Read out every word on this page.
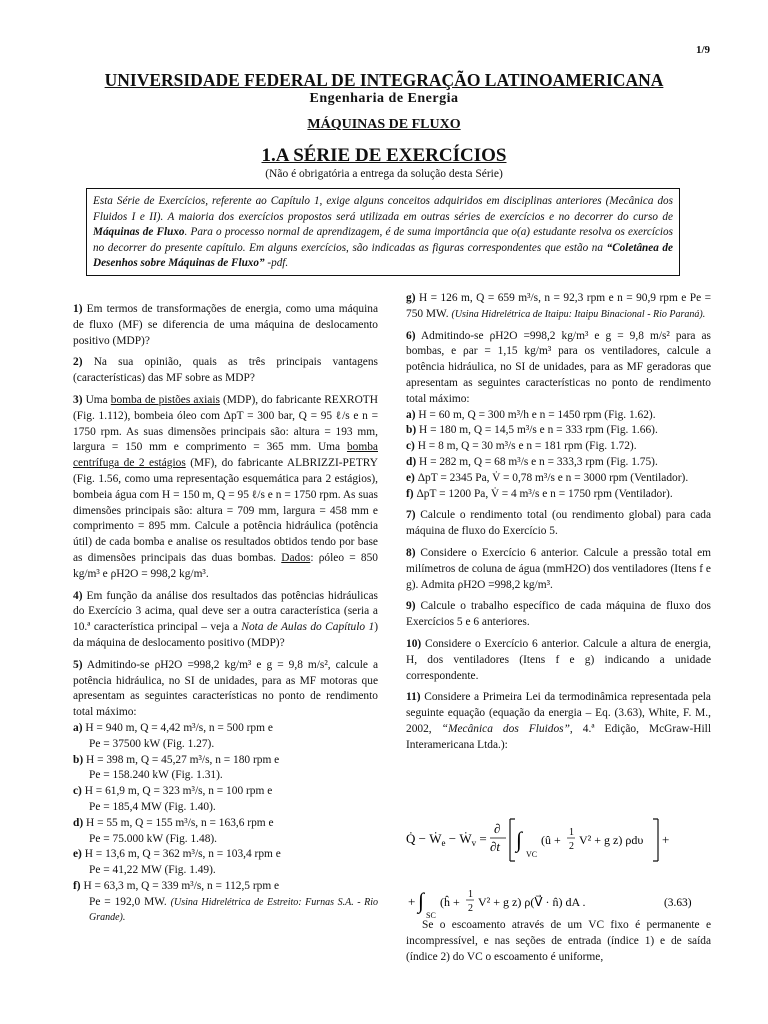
1/9
UNIVERSIDADE FEDERAL DE INTEGRAÇÃO LATINOAMERICANA
Engenharia de Energia
MÁQUINAS DE FLUXO
1.A SÉRIE DE EXERCÍCIOS
(Não é obrigatória a entrega da solução desta Série)
Esta Série de Exercícios, referente ao Capítulo 1, exige alguns conceitos adquiridos em disciplinas anteriores (Mecânica dos Fluidos I e II). A maioria dos exercícios propostos será utilizada em outras séries de exercícios e no decorrer do curso de Máquinas de Fluxo. Para o processo normal de aprendizagem, é de suma importância que o(a) estudante resolva os exercícios no decorrer do presente capítulo. Em alguns exercícios, são indicadas as figuras correspondentes que estão na “Coletânea de Desenhos sobre Máquinas de Fluxo” -pdf.

1) Em termos de transformações de energia, como uma máquina de fluxo (MF) se diferencia de uma máquina de deslocamento positivo (MDP)?

2) Na sua opinião, quais as três principais vantagens (características) das MF sobre as MDP?

3) Uma bomba de pistões axiais (MDP), do fabricante REXROTH (Fig. 1.112), bombeia óleo com ΔpT = 300 bar, Q = 95 ℓ/s e n = 1750 rpm. As suas dimensões principais são: altura = 193 mm, largura = 150 mm e comprimento = 365 mm. Uma bomba centrífuga de 2 estágios (MF), do fabricante ALBRIZZI-PETRY (Fig. 1.56, como uma representação esquemática para 2 estágios), bombeia água com H = 150 m, Q = 95 ℓ/s e n = 1750 rpm. As suas dimensões principais são: altura = 709 mm, largura = 458 mm e comprimento = 895 mm. Calcule a potência hidráulica (potência útil) de cada bomba e analise os resultados obtidos tendo por base as dimensões principais das duas bombas. Dados: ρóleo = 850 kg/m³ e ρH2O = 998,2 kg/m³.

4) Em função da análise dos resultados das potências hidráulicas do Exercício 3 acima, qual deve ser a outra característica (seria a 10.ª característica principal – veja a Nota de Aulas do Capítulo 1) da máquina de deslocamento positivo (MDP)?

5) Admitindo-se ρH2O =998,2 kg/m³ e g = 9,8 m/s², calcule a potência hidráulica, no SI de unidades, para as MF motoras que apresentam as seguintes características no ponto de rendimento total máximo:

a) H = 940 m, Q = 4,42 m³/s, n = 500 rpm e
Pe = 37500 kW (Fig. 1.27).
b) H = 398 m, Q = 45,27 m³/s, n = 180 rpm e
Pe = 158.240 kW (Fig. 1.31).
c) H = 61,9 m, Q = 323 m³/s, n = 100 rpm e
Pe = 185,4 MW (Fig. 1.40).
d) H = 55 m, Q = 155 m³/s, n = 163,6 rpm e
Pe = 75.000 kW (Fig. 1.48).
e) H = 13,6 m, Q = 362 m³/s, n = 103,4 rpm e
Pe = 41,22 MW (Fig. 1.49).
f) H = 63,3 m, Q = 339 m³/s, n = 112,5 rpm e
Pe = 192,0 MW. (Usina Hidrelétrica de Estreito: Furnas S.A. - Rio Grande).

g) H = 126 m, Q = 659 m³/s, n = 92,3 rpm e n = 90,9 rpm e Pe = 750 MW. (Usina Hidrelétrica de Itaipu: Itaipu Binacional - Rio Paraná).

6) Admitindo-se ρH2O =998,2 kg/m³ e g = 9,8 m/s² para as bombas, e ρar = 1,15 kg/m³ para os ventiladores, calcule a potência hidráulica, no SI de unidades, para as MF geradoras que apresentam as seguintes características no ponto de rendimento total máximo:

a) H = 60 m, Q = 300 m³/h e n = 1450 rpm (Fig. 1.62).
b) H = 180 m, Q = 14,5 m³/s e n = 333 rpm (Fig. 1.66).
c) H = 8 m, Q = 30 m³/s e n = 181 rpm (Fig. 1.72).
d) H = 282 m, Q = 68 m³/s e n = 333,3 rpm (Fig. 1.75).
e) ΔpT = 2345 Pa, V̇ = 0,78 m³/s e n = 3000 rpm (Ventilador).
f) ΔpT = 1200 Pa, V̇ = 4 m³/s e n = 1750 rpm (Ventilador).

7) Calcule o rendimento total (ou rendimento global) para cada máquina de fluxo do Exercício 5.

8) Considere o Exercício 6 anterior. Calcule a pressão total em milímetros de coluna de água (mmH2O) dos ventiladores (Itens f e g). Admita ρH2O =998,2 kg/m³.

9) Calcule o trabalho específico de cada máquina de fluxo dos Exercícios 5 e 6 anteriores.

10) Considere o Exercício 6 anterior. Calcule a altura de energia, H, dos ventiladores (Itens f e g) indicando a unidade correspondente.

11) Considere a Primeira Lei da termodinâmica representada pela seguinte equação (equação da energia – Eq. (3.63), White, F. M., 2002, “Mecânica dos Fluidos”, 4.ª Edição, McGraw-Hill Interamericana Ltda.):

Q̇ − Ẇ$_e$ − Ẇ$_v$ =
∂
∂t ∫
VC
(û +
1
2 V² + g z) ρdυ +
+ ∫
SC
(ĥ +
1
2 V² + g z) ρ(V⃗ · n̂) dA .	(3.63)
Se o escoamento através de um VC fixo é permanente e incompressível, e nas seções de entrada (índice 1) e de saída (índice 2) do VC o escoamento é uniforme,
